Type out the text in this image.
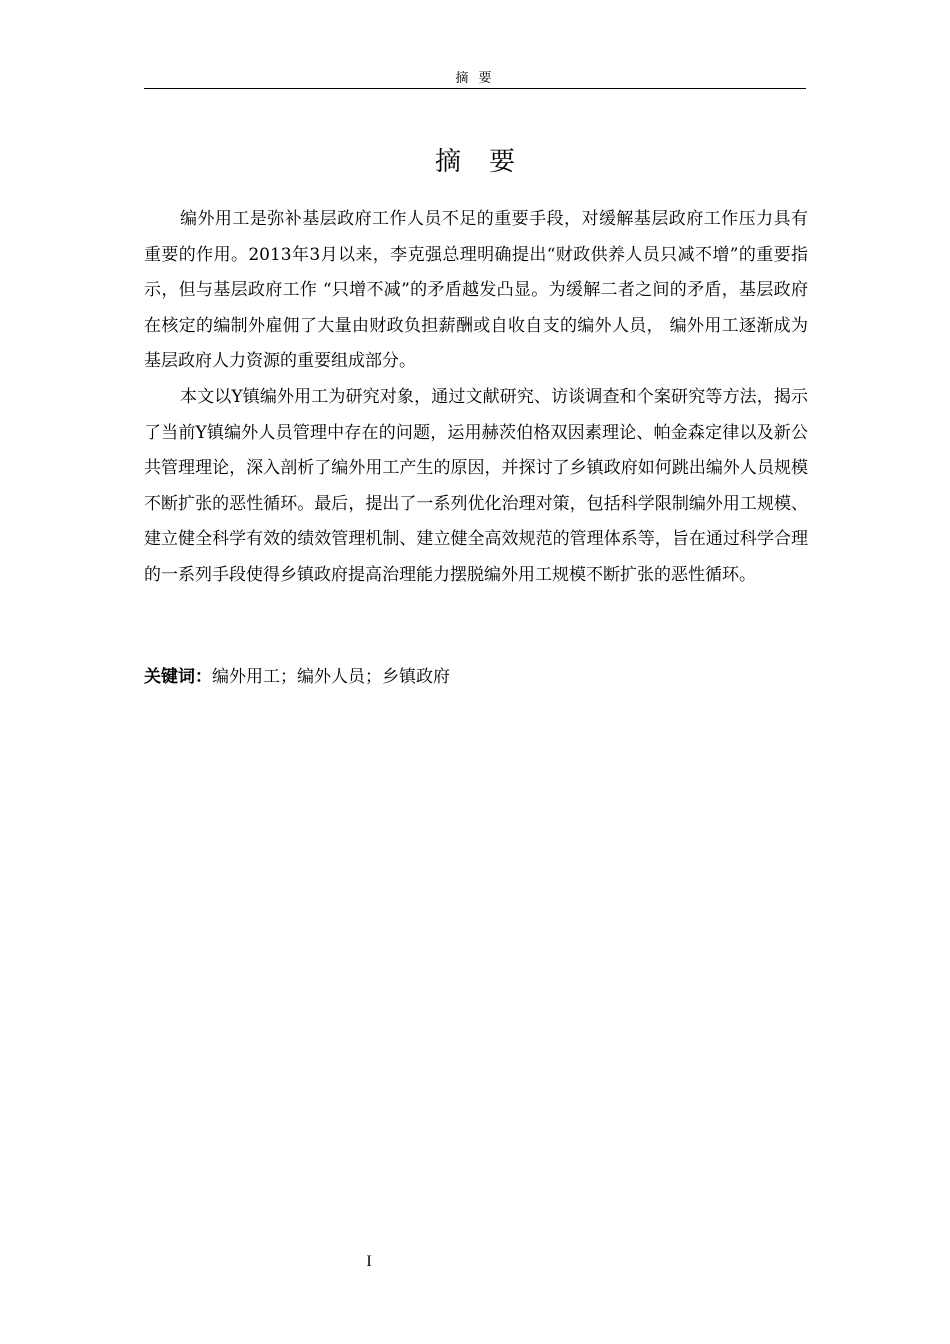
摘 要
摘要

编外用工是弥补基层政府工作人员不足的重要手段，对缓解基层政府工作压力具有重要的作用。2013年3月以来，李克强总理明确提出“财政供养人员只减不增”的重要指示，但与基层政府工作 “只增不减”的矛盾越发凸显。为缓解二者之间的矛盾，基层政府在核定的编制外雇佣了大量由财政负担薪酬或自收自支的编外人员， 编外用工逐渐成为基层政府人力资源的重要组成部分。

本文以Y镇编外用工为研究对象，通过文献研究、访谈调查和个案研究等方法，揭示了当前Y镇编外人员管理中存在的问题，运用赫茨伯格双因素理论、帕金森定律以及新公共管理理论，深入剖析了编外用工产生的原因，并探讨了乡镇政府如何跳出编外人员规模不断扩张的恶性循环。最后，提出了一系列优化治理对策，包括科学限制编外用工规模、建立健全科学有效的绩效管理机制、建立健全高效规范的管理体系等，旨在通过科学合理的一系列手段使得乡镇政府提高治理能力摆脱编外用工规模不断扩张的恶性循环。

关键词：编外用工；编外人员；乡镇政府
I
